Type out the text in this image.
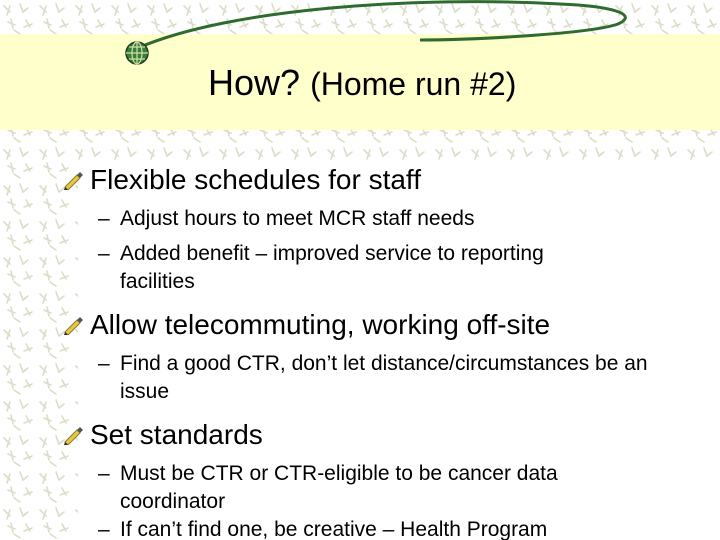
How? (Home run #2)
Flexible schedules for staff
– Adjust hours to meet MCR staff needs
– Added benefit – improved service to reporting facilities
Allow telecommuting, working off-site
– Find a good CTR, don’t let distance/circumstances be an issue
Set standards
– Must be CTR or CTR-eligible to be cancer data coordinator
– If can’t find one, be creative – Health Program
